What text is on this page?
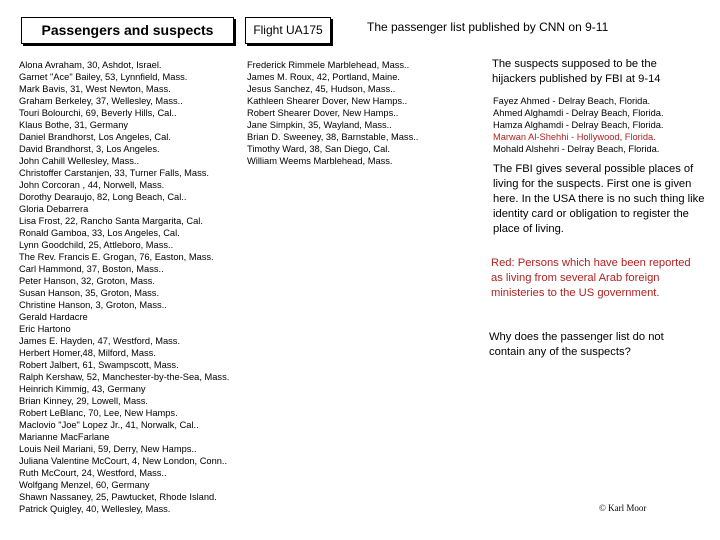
Passengers and suspects	Flight UA175	The passenger list published by CNN on 9-11
Alona Avraham, 30, Ashdot, Israel.
Garnet "Ace" Bailey, 53, Lynnfield, Mass.
Mark Bavis, 31, West Newton, Mass.
Graham Berkeley, 37, Wellesley, Mass..
Touri Bolourchi, 69, Beverly Hills, Cal..
Klaus Bothe, 31, Germany
Daniel Brandhorst, Los Angeles, Cal.
David Brandhorst, 3, Los Angeles.
John Cahill Wellesley, Mass..
Christoffer Carstanjen, 33, Turner Falls, Mass.
John Corcoran , 44, Norwell, Mass.
Dorothy Dearaujo, 82, Long Beach, Cal..
Gloria Debarrera
Lisa Frost, 22, Rancho Santa Margarita, Cal.
Ronald Gamboa, 33, Los Angeles, Cal.
Lynn Goodchild, 25, Attleboro, Mass..
The Rev. Francis E. Grogan, 76, Easton, Mass.
Carl Hammond, 37, Boston, Mass..
Peter Hanson, 32, Groton, Mass.
Susan Hanson, 35, Groton, Mass.
Christine Hanson, 3, Groton, Mass..
Gerald Hardacre
Eric Hartono
James E. Hayden, 47, Westford, Mass.
Herbert Homer,48, Milford, Mass.
Robert Jalbert, 61, Swampscott, Mass.
Ralph Kershaw, 52, Manchester-by-the-Sea, Mass.
Heinrich Kimmig, 43, Germany
Brian Kinney, 29, Lowell, Mass.
Robert LeBlanc, 70, Lee, New Hamps.
Maclovio "Joe" Lopez Jr., 41, Norwalk, Cal..
Marianne MacFarlane
Louis Neil Mariani, 59, Derry, New Hamps..
Juliana Valentine McCourt, 4, New London, Conn..
Ruth McCourt, 24, Westford, Mass..
Wolfgang Menzel, 60, Germany
Shawn Nassaney, 25, Pawtucket, Rhode Island.
Patrick Quigley, 40, Wellesley, Mass.
Frederick Rimmele Marblehead, Mass..
James M. Roux, 42, Portland, Maine.
Jesus Sanchez, 45, Hudson, Mass..
Kathleen Shearer Dover, New Hamps..
Robert Shearer Dover, New Hamps..
Jane Simpkin, 35, Wayland, Mass..
Brian D. Sweeney, 38, Barnstable, Mass..
Timothy Ward, 38, San Diego, Cal.
William Weems Marblehead, Mass.
The suspects supposed to be the hijackers published by FBI at 9-14
Fayez Ahmed - Delray Beach, Florida.
Ahmed Alghamdi - Delray Beach, Florida.
Hamza Alghamdi - Delray Beach, Florida.
Marwan Al-Shehhi - Hollywood, Florida.
Mohald Alshehri - Delray Beach, Florida.
The FBI gives several possible places of living for the suspects. First one is given here. In the USA there is no such thing like identity card or obligation to register the place of living.
Red: Persons which have been reported as living from several Arab foreign ministeries to the US government.
Why does the passenger list do not contain any of the suspects?
© Karl Moor
